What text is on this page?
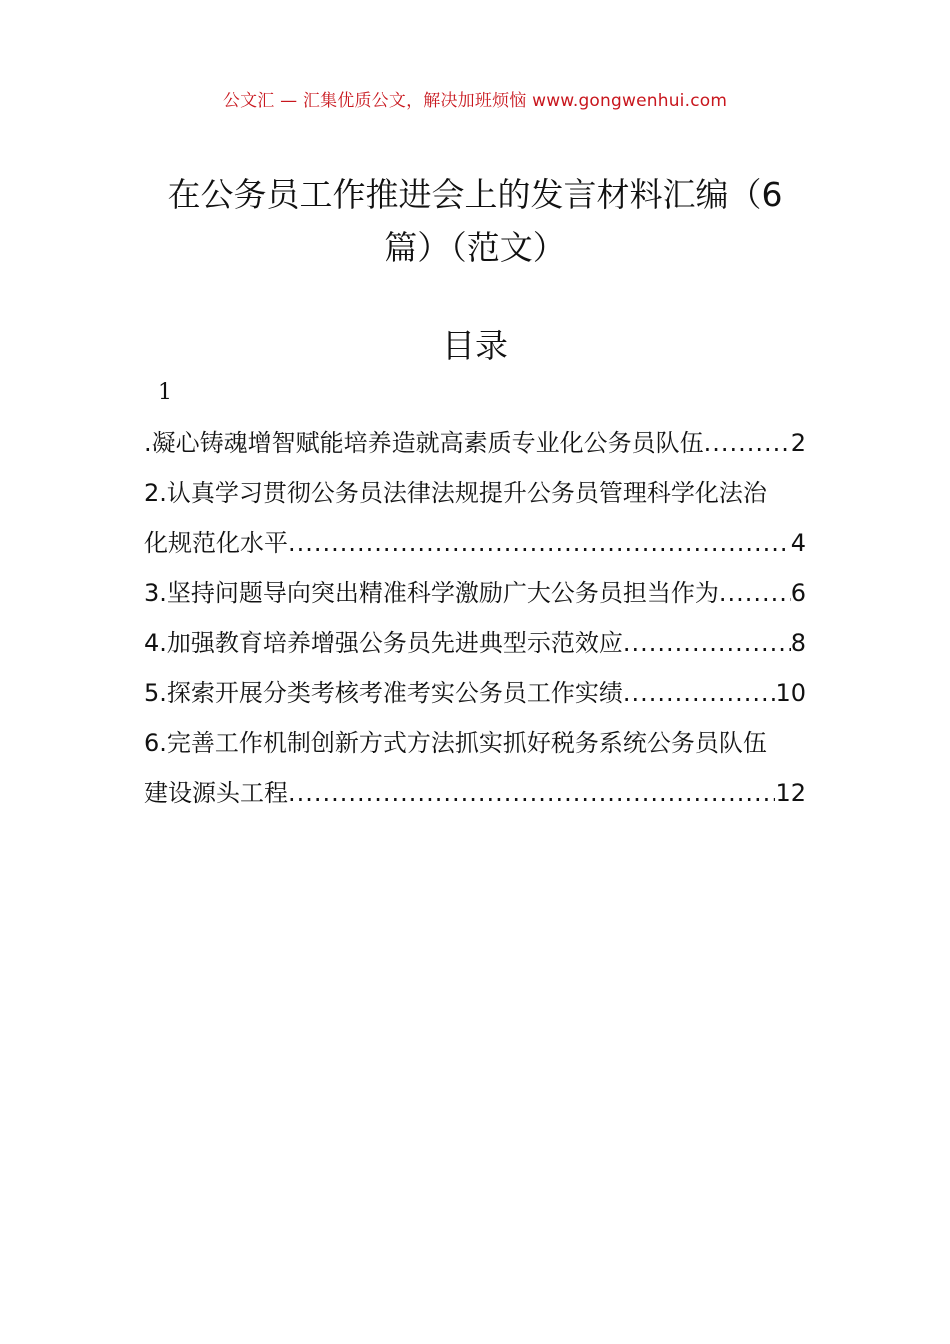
公文汇 — 汇集优质公文，解决加班烦恼 www.gongwenhui.com
在公务员工作推进会上的发言材料汇编（6
篇）（范文）
目录
1
.凝心铸魂增智赋能培养造就高素质专业化公务员队伍 .....	2
2.认真学习贯彻公务员法律法规提升公务员管理科学化法治
化规范化水平 .....	4
3.坚持问题导向突出精准科学激励广大公务员担当作为 .....	6
4.加强教育培养增强公务员先进典型示范效应 .....	8
5.探索开展分类考核考准考实公务员工作实绩 .....	10
6.完善工作机制创新方式方法抓实抓好税务系统公务员队伍
建设源头工程 .....	12
